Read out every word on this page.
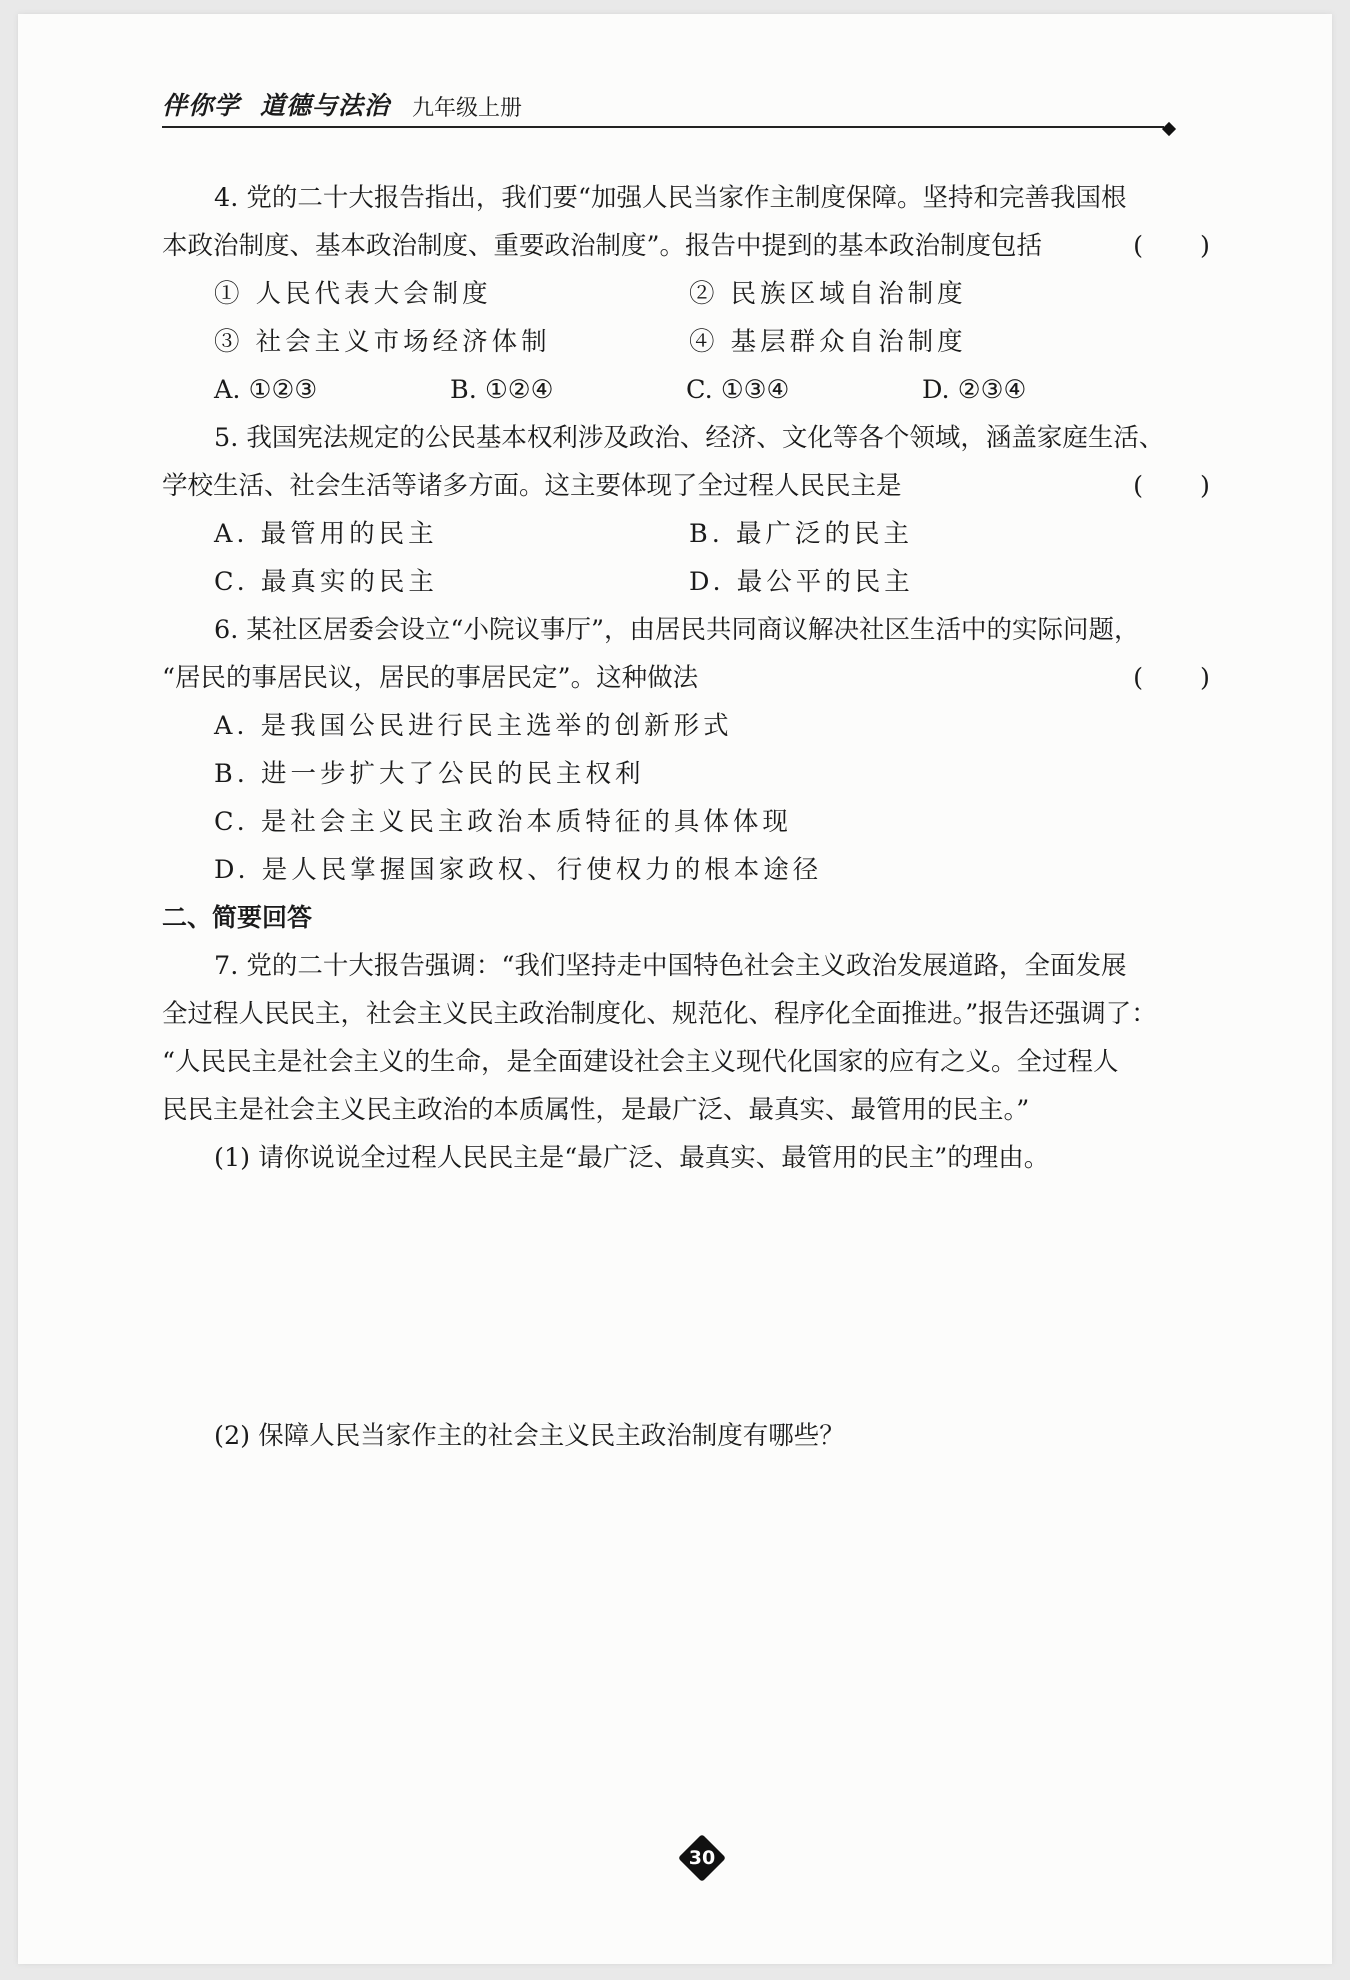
伴你学 道德与法治 九年级上册
4. 党的二十大报告指出，我们要“加强人民当家作主制度保障。坚持和完善我国根
本政治制度、基本政治制度、重要政治制度”。报告中提到的基本政治制度包括	(　　)
① 人民代表大会制度	② 民族区域自治制度
③ 社会主义市场经济体制	④ 基层群众自治制度
A. ①②③	B. ①②④	C. ①③④	D. ②③④
5. 我国宪法规定的公民基本权利涉及政治、经济、文化等各个领域，涵盖家庭生活、
学校生活、社会生活等诸多方面。这主要体现了全过程人民民主是	(　　)
A. 最管用的民主	B. 最广泛的民主
C. 最真实的民主	D. 最公平的民主
6. 某社区居委会设立“小院议事厅”，由居民共同商议解决社区生活中的实际问题，
“居民的事居民议，居民的事居民定”。这种做法	(　　)
A. 是我国公民进行民主选举的创新形式
B. 进一步扩大了公民的民主权利
C. 是社会主义民主政治本质特征的具体体现
D. 是人民掌握国家政权、行使权力的根本途径
二、简要回答
7. 党的二十大报告强调：“我们坚持走中国特色社会主义政治发展道路，全面发展
全过程人民民主，社会主义民主政治制度化、规范化、程序化全面推进。”报告还强调了：
“人民民主是社会主义的生命，是全面建设社会主义现代化国家的应有之义。全过程人
民民主是社会主义民主政治的本质属性，是最广泛、最真实、最管用的民主。”
(1) 请你说说全过程人民民主是“最广泛、最真实、最管用的民主”的理由。
(2) 保障人民当家作主的社会主义民主政治制度有哪些？
30
